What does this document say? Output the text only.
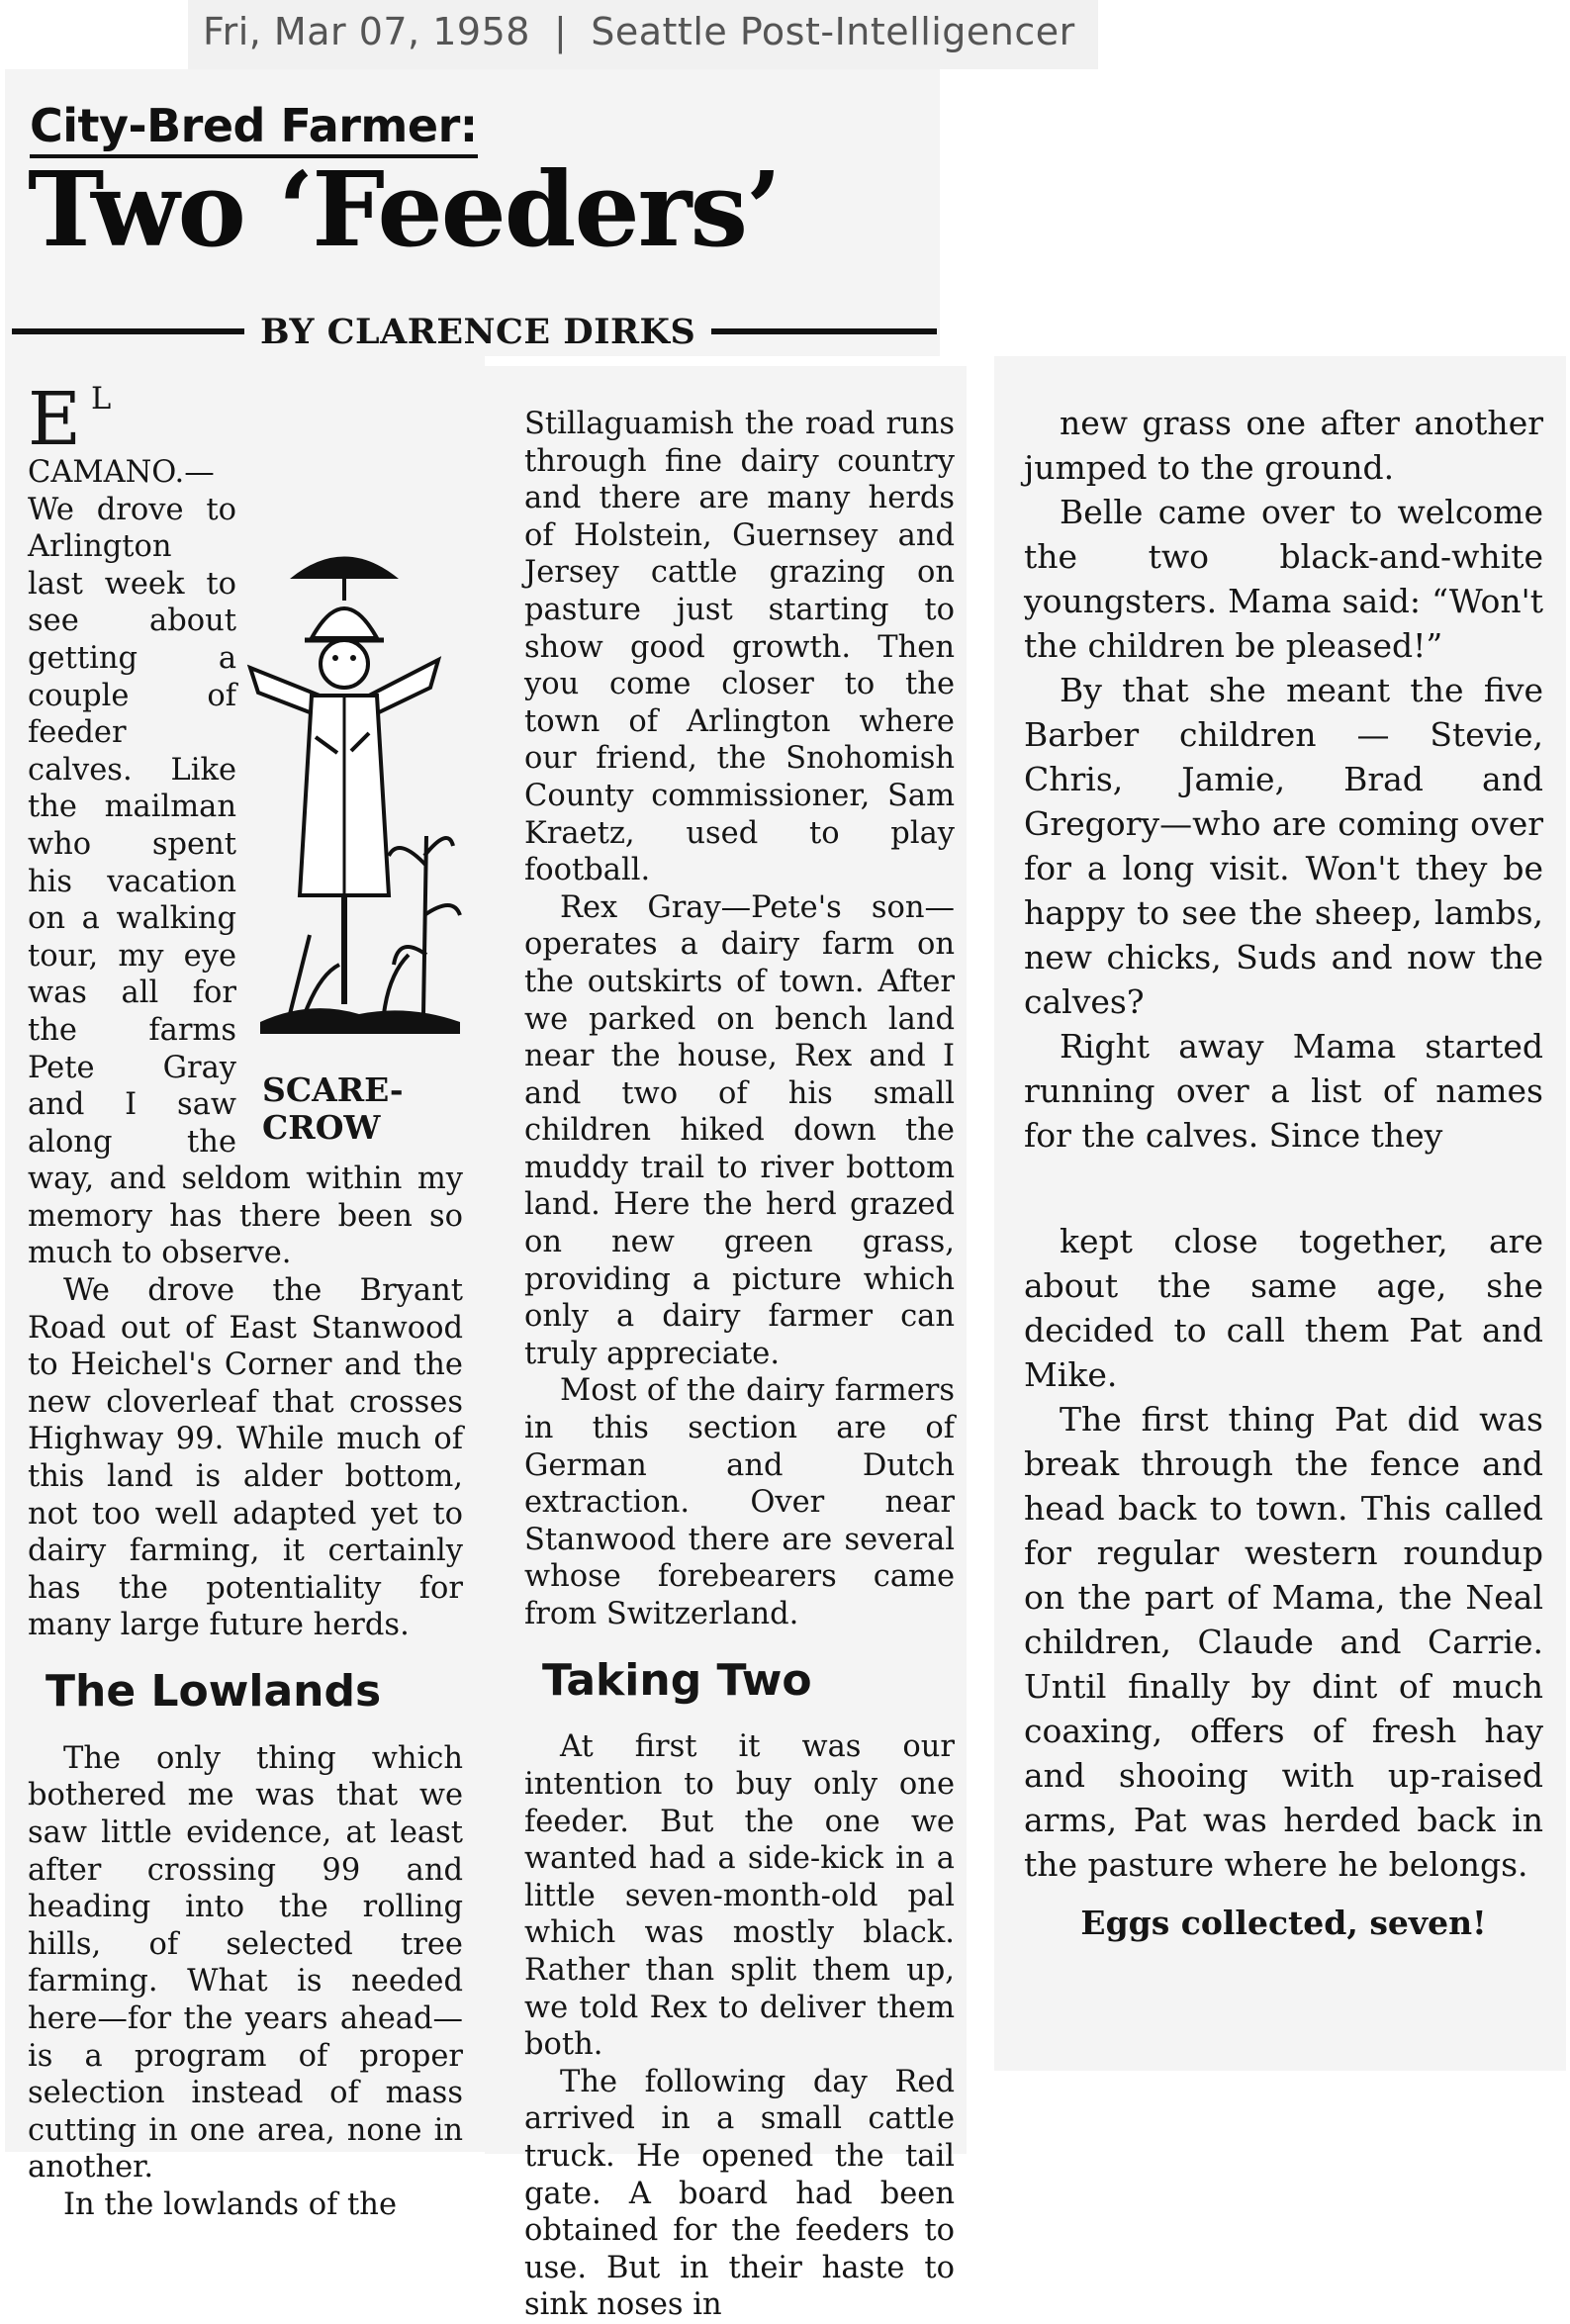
Fri, Mar 07, 1958 | Seattle Post-Intelligencer
City-Bred Farmer:
Two ‘Feeders’
BY CLARENCE DIRKS
SCARE-
CROW

E L CAMANO.—We drove to Arlington last week to see about getting a couple of feeder calves. Like the mailman who spent his vacation on a walking tour, my eye was all for the farms Pete Gray and I saw along the way, and seldom within my memory has there been so much to observe.

We drove the Bryant Road out of East Stanwood to Heichel's Corner and the new cloverleaf that crosses Highway 99. While much of this land is alder bottom, not too well adapted yet to dairy farming, it certainly has the potentiality for many large future herds.

The Lowlands

The only thing which bothered me was that we saw little evidence, at least after crossing 99 and heading into the rolling hills, of selected tree farming. What is needed here—for the years ahead—is a program of proper selection instead of mass cutting in one area, none in another.

In the lowlands of the

Stillaguamish the road runs through fine dairy country and there are many herds of Holstein, Guernsey and Jersey cattle grazing on pasture just starting to show good growth. Then you come closer to the town of Arlington where our friend, the Snohomish County commissioner, Sam Kraetz, used to play football.

Rex Gray—Pete's son—operates a dairy farm on the outskirts of town. After we parked on bench land near the house, Rex and I and two of his small children hiked down the muddy trail to river bottom land. Here the herd grazed on new green grass, providing a picture which only a dairy farmer can truly appreciate.

Most of the dairy farmers in this section are of German and Dutch extraction. Over near Stanwood there are several whose forebearers came from Switzerland.

Taking Two

At first it was our intention to buy only one feeder. But the one we wanted had a side-kick in a little seven-month-old pal which was mostly black. Rather than split them up, we told Rex to deliver them both.

The following day Red arrived in a small cattle truck. He opened the tail gate. A board had been obtained for the feeders to use. But in their haste to sink noses in

new grass one after another jumped to the ground.

Belle came over to welcome the two black-and-white youngsters. Mama said: “Won't the children be pleased!”

By that she meant the five Barber children — Stevie, Chris, Jamie, Brad and Gregory—who are coming over for a long visit. Won't they be happy to see the sheep, lambs, new chicks, Suds and now the calves?

Right away Mama started running over a list of names for the calves. Since they

kept close together, are about the same age, she decided to call them Pat and Mike.

The first thing Pat did was break through the fence and head back to town. This called for regular western roundup on the part of Mama, the Neal children, Claude and Carrie. Until finally by dint of much coaxing, offers of fresh hay and shooing with up-raised arms, Pat was herded back in the pasture where he belongs.

Eggs collected, seven!
